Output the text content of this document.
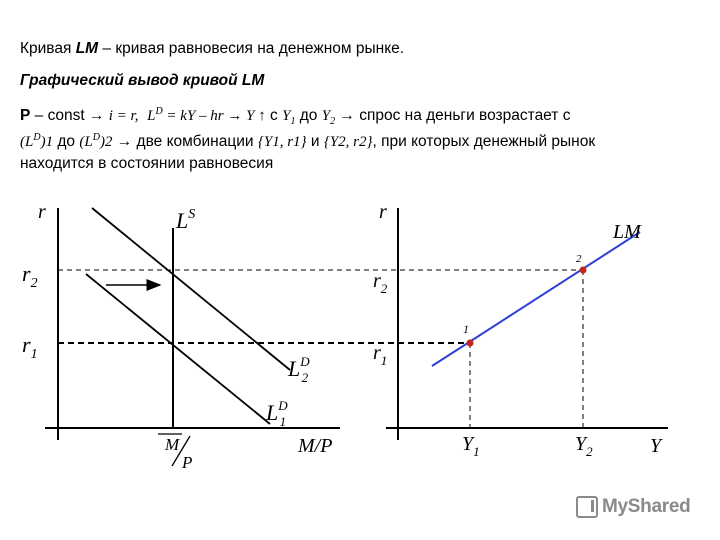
Кривая LM – кривая равновесия на денежном рынке.
Графический вывод кривой LM
P – const → i = r, $L^D$ = kY – hr → Y ↑ с $Y_1$ до $Y_2$ → спрос на деньги возрастает с
$(L^D)1$ до $(L^D)2$ → две комбинации {Y1, r1} и {Y2, r2}, при которых денежный рынок
находится в состоянии равновесия
r
M/P
$L^S$
$L^D$ 2
$L^D$ 1
$r_2$
$r_1$
M
P
r
Y
$r_2$
$r_1$
LM
1
2
$Y_1$	$Y_2$
MyShared
